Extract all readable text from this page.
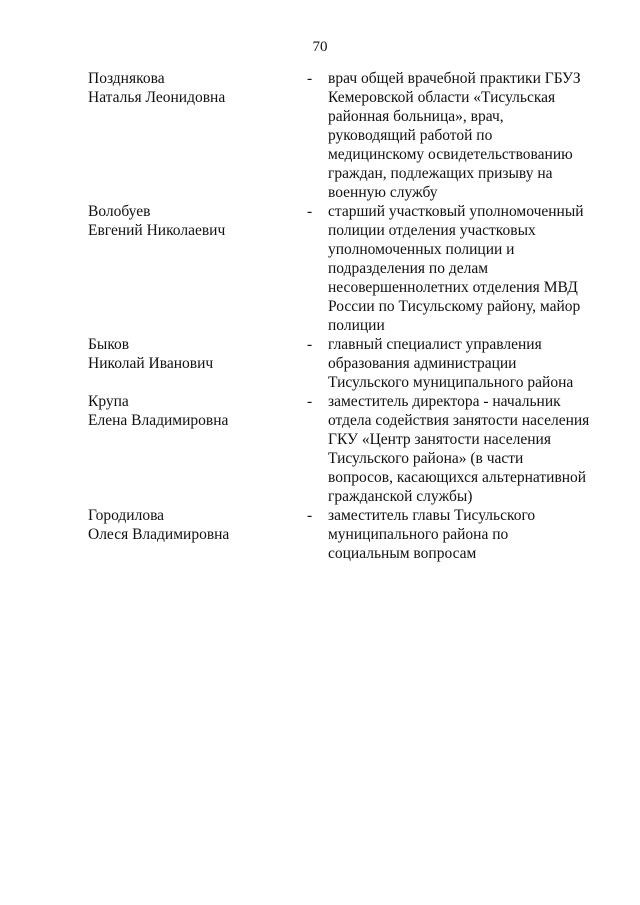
70
Позднякова
Наталья Леонидовна
-	врач общей врачебной практики ГБУЗ
Кемеровской области «Тисульская
районная больница», врач,
руководящий работой по
медицинскому освидетельствованию
граждан, подлежащих призыву на
военную службу
Волобуев
Евгений Николаевич
-	старший участковый уполномоченный
полиции отделения участковых
уполномоченных полиции и
подразделения по делам
несовершеннолетних отделения МВД
России по Тисульскому району, майор
полиции
Быков
Николай Иванович
-	главный специалист управления
образования администрации
Тисульского муниципального района
Крупа
Елена Владимировна
-	заместитель директора - начальник
отдела содействия занятости населения
ГКУ «Центр занятости населения
Тисульского района» (в части
вопросов, касающихся альтернативной
гражданской службы)
Городилова
Олеся Владимировна
-	заместитель главы Тисульского
муниципального района по
социальным вопросам
